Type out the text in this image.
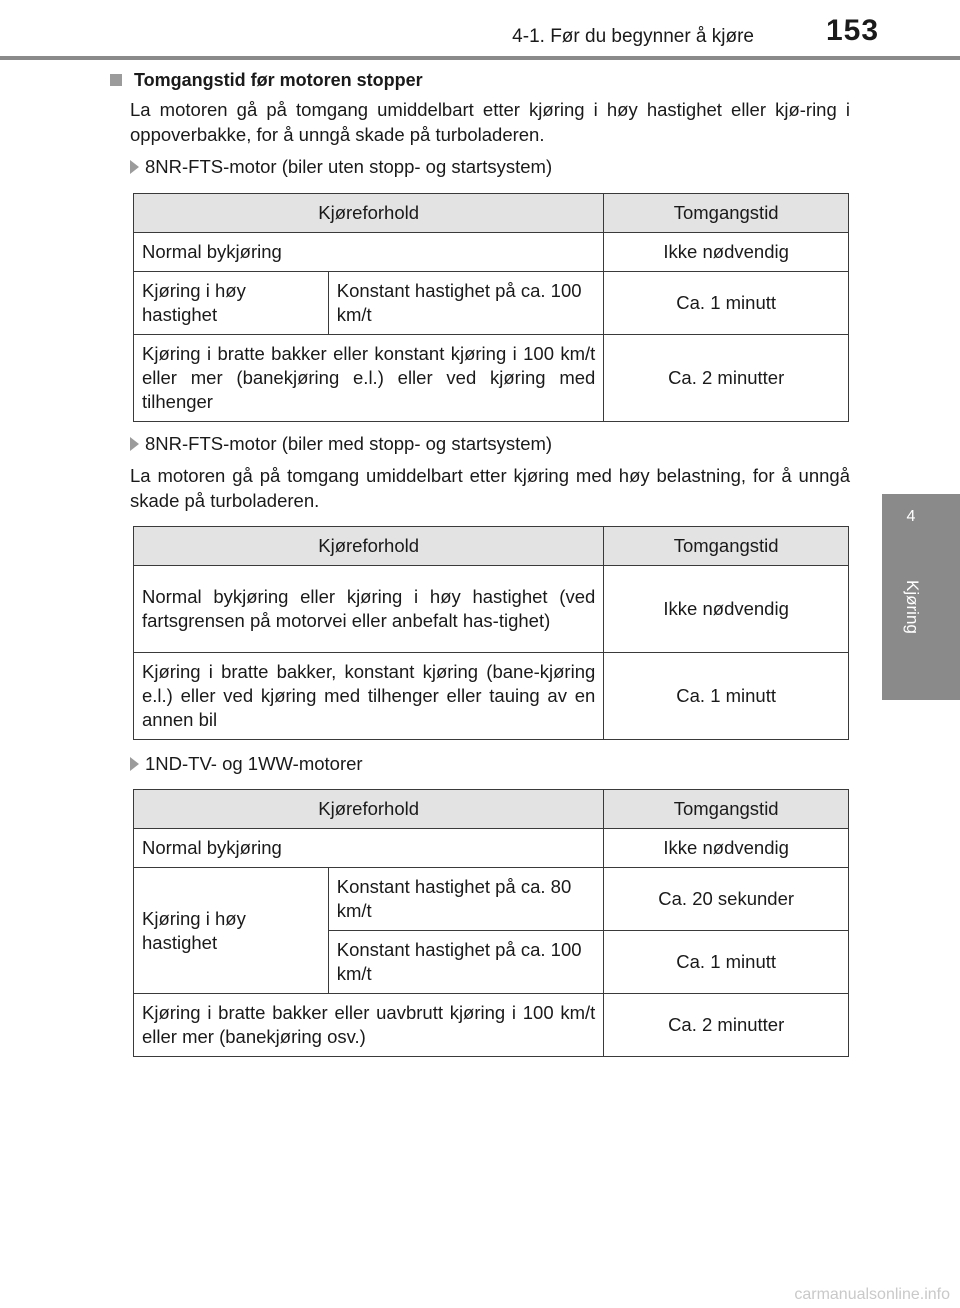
4-1. Før du begynner å kjøre 153
4
Kjøring
Tomgangstid før motoren stopper
La motoren gå på tomgang umiddelbart etter kjøring i høy hastighet eller kjø-ring i oppoverbakke, for å unngå skade på turboladeren.
8NR-FTS-motor (biler uten stopp- og startsystem)
Kjøreforhold		Tomgangstid
Normal bykjøring		Ikke nødvendig
Kjøring i høy hastighet	Konstant hastighet på ca. 100 km/t	Ca. 1 minutt
Kjøring i bratte bakker eller konstant kjøring i 100 km/t eller mer (banekjøring e.l.) eller ved kjøring med tilhenger		Ca. 2 minutter
8NR-FTS-motor (biler med stopp- og startsystem)
La motoren gå på tomgang umiddelbart etter kjøring med høy belastning, for å unngå skade på turboladeren.
Kjøreforhold	Tomgangstid
Normal bykjøring eller kjøring i høy hastighet (ved fartsgrensen på motorvei eller anbefalt has-tighet)	Ikke nødvendig
Kjøring i bratte bakker, konstant kjøring (bane-kjøring e.l.) eller ved kjøring med tilhenger eller tauing av en annen bil	Ca. 1 minutt
1ND-TV- og 1WW-motorer
Kjøreforhold		Tomgangstid
Normal bykjøring		Ikke nødvendig
Kjøring i høy hastighet	Konstant hastighet på ca. 80 km/t	Ca. 20 sekunder
	Konstant hastighet på ca. 100 km/t	Ca. 1 minutt
Kjøring i bratte bakker eller uavbrutt kjøring i 100 km/t eller mer (banekjøring osv.)		Ca. 2 minutter
carmanualsonline.info
